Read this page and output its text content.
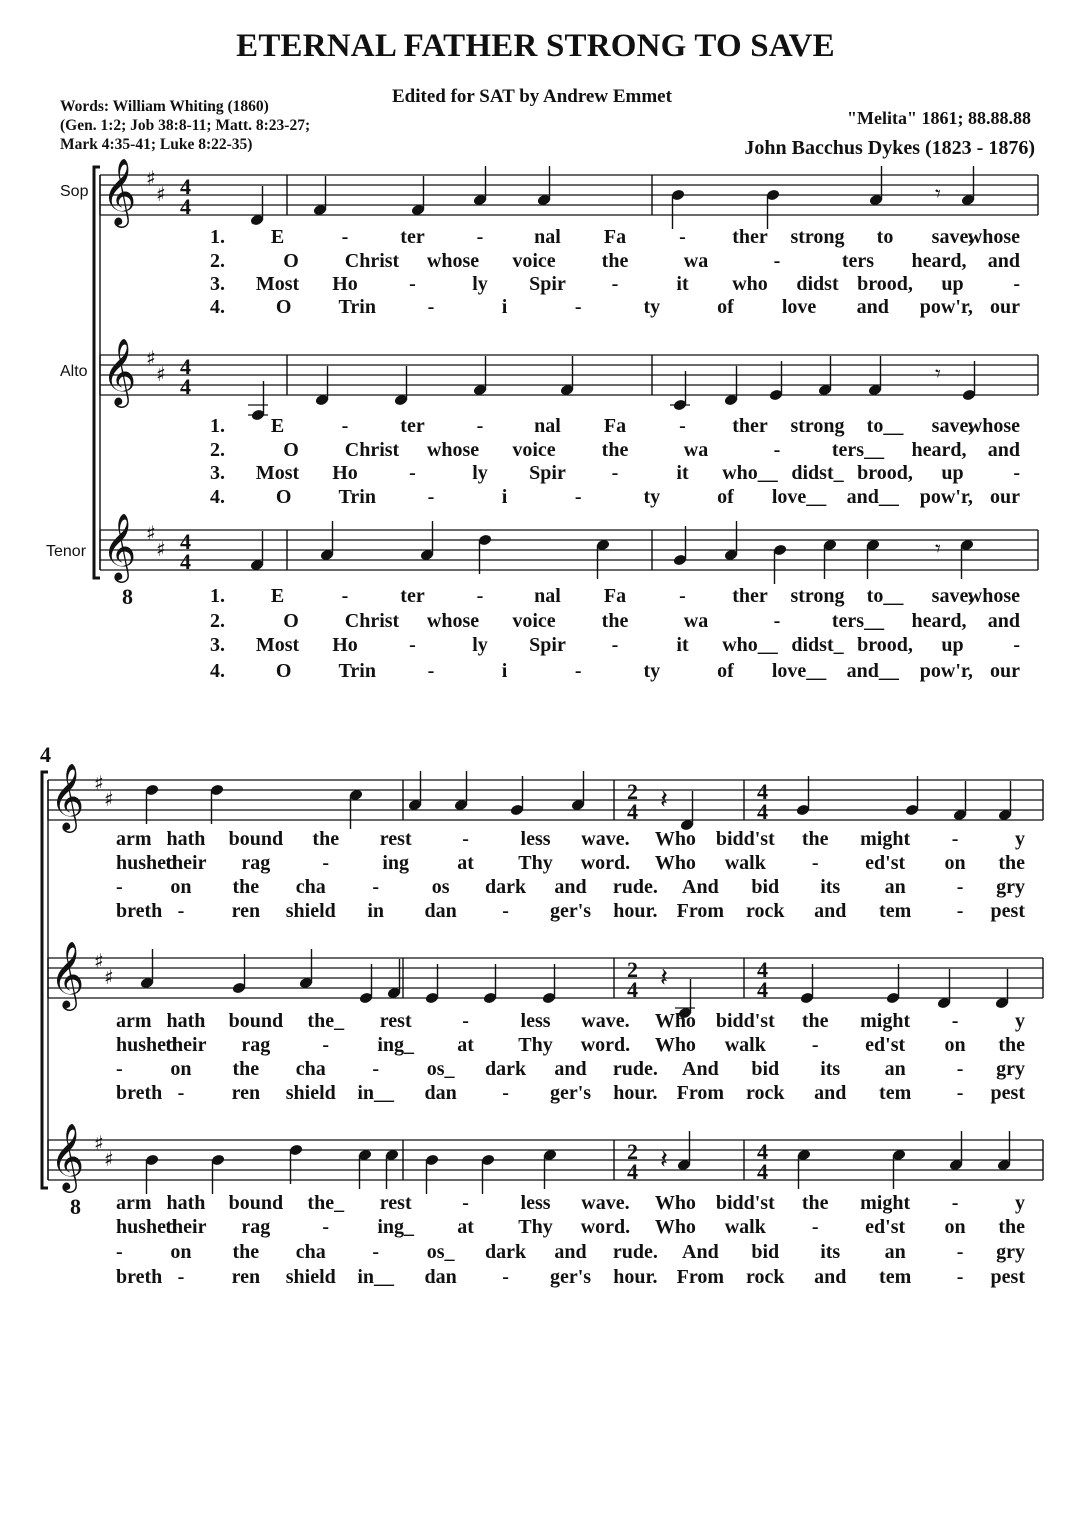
ETERNAL FATHER STRONG TO SAVE
Edited for SAT by Andrew Emmet
Words: William Whiting (1860)
(Gen. 1:2; Job 38:8-11; Matt. 8:23-27;
Mark 4:35-41; Luke 8:22-35)
"Melita" 1861; 88.88.88
John Bacchus Dykes (1823 - 1876)
Sop
Alto
Tenor
𝄞 ♯
♯ 4
4	𝄾
1. E	-	ter	-	nal Fa	- ther strong to save,
whose
2.	O Christ whose voice the	wa	-	ters heard, and
3. Most Ho	-	ly Spir -	it who didst brood, up -
4.	O Trin	-	i	-	ty	of love and pow'r, our
𝄞 ♯
♯ 4
4	𝄾
1. E	-	ter	-	nal Fa	- ther strong to__ save,
whose
2.	O Christ whose voice the	wa	-	ters__ heard, and
3. Most Ho	-	ly Spir -	it who__ didst_ brood, up -
4.	O Trin	-	i	-	ty	of love__ and__ pow'r, our
𝄞 ♯
♯ 4
4	𝄾
1. E	-	ter	-	nal Fa	- ther strong to__ save,
whose
2.	O Christ whose voice the	wa	-	ters__ heard, and
3. Most Ho	-	ly Spir -	it who__ didst_ brood, up -
4.	O Trin	-	i	-	ty	of love__ and__ pow'r, our
8
𝄞 ♯
♯	2
4
4
4
𝄽
arm hath bound the rest	-	less wave. Who bidd'st the might -	y
hushed
their rag	-	ing at Thy word. Who walk - ed'st on the
- on the cha -	os dark and rude. And bid its an	- gry
breth - ren shield in dan - ger's hour. From rock and tem - pest
𝄞 ♯
♯	2
4
4
4
𝄽
arm hath bound the_ rest	-	less wave. Who bidd'st the might -	y
hushed
their rag	- ing_ at Thy word. Who walk - ed'st on the
- on the cha - os_ dark and rude. And bid its an	- gry
breth - ren shield in__ dan - ger's hour. From rock and tem - pest
𝄞 ♯
♯	2
4
4
4
𝄽
arm hath bound the_ rest	-	less wave. Who bidd'st the might -	y
hushed
their rag	- ing_ at Thy word. Who walk - ed'st on the
- on the cha - os_ dark and rude. And bid its an	- gry
breth - ren shield in__ dan - ger's hour. From rock and tem - pest
8
4
